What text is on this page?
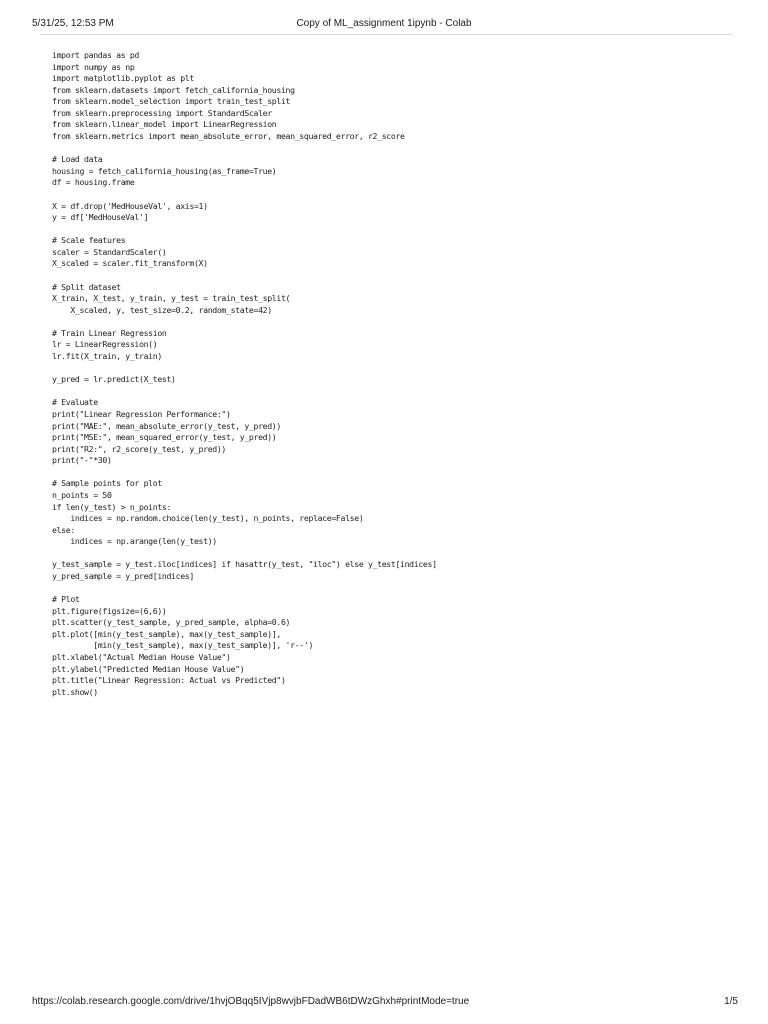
5/31/25, 12:53 PM	Copy of ML_assignment 1ipynb - Colab
import pandas as pd
import numpy as np
import matplotlib.pyplot as plt
from sklearn.datasets import fetch_california_housing
from sklearn.model_selection import train_test_split
from sklearn.preprocessing import StandardScaler
from sklearn.linear_model import LinearRegression
from sklearn.metrics import mean_absolute_error, mean_squared_error, r2_score
# Load data
housing = fetch_california_housing(as_frame=True)
df = housing.frame
X = df.drop('MedHouseVal', axis=1)
y = df['MedHouseVal']
# Scale features
scaler = StandardScaler()
X_scaled = scaler.fit_transform(X)
# Split dataset
X_train, X_test, y_train, y_test = train_test_split(
X_scaled, y, test_size=0.2, random_state=42)
# Train Linear Regression
lr = LinearRegression()
lr.fit(X_train, y_train)
y_pred = lr.predict(X_test)
# Evaluate
print("Linear Regression Performance:")
print("MAE:", mean_absolute_error(y_test, y_pred))
print("MSE:", mean_squared_error(y_test, y_pred))
print("R2:", r2_score(y_test, y_pred))
print("-"*30)
# Sample points for plot
n_points = 50
if len(y_test) > n_points:
indices = np.random.choice(len(y_test), n_points, replace=False)
else:
indices = np.arange(len(y_test))
y_test_sample = y_test.iloc[indices] if hasattr(y_test, "iloc") else y_test[indices]
y_pred_sample = y_pred[indices]
# Plot
plt.figure(figsize=(6,6))
plt.scatter(y_test_sample, y_pred_sample, alpha=0.6)
plt.plot([min(y_test_sample), max(y_test_sample)],
[min(y_test_sample), max(y_test_sample)], 'r--')
plt.xlabel("Actual Median House Value")
plt.ylabel("Predicted Median House Value")
plt.title("Linear Regression: Actual vs Predicted")
plt.show()
https://colab.research.google.com/drive/1hvjOBqq5IVjp8wvjbFDadWB6tDWzGhxh#printMode=true	1/5
